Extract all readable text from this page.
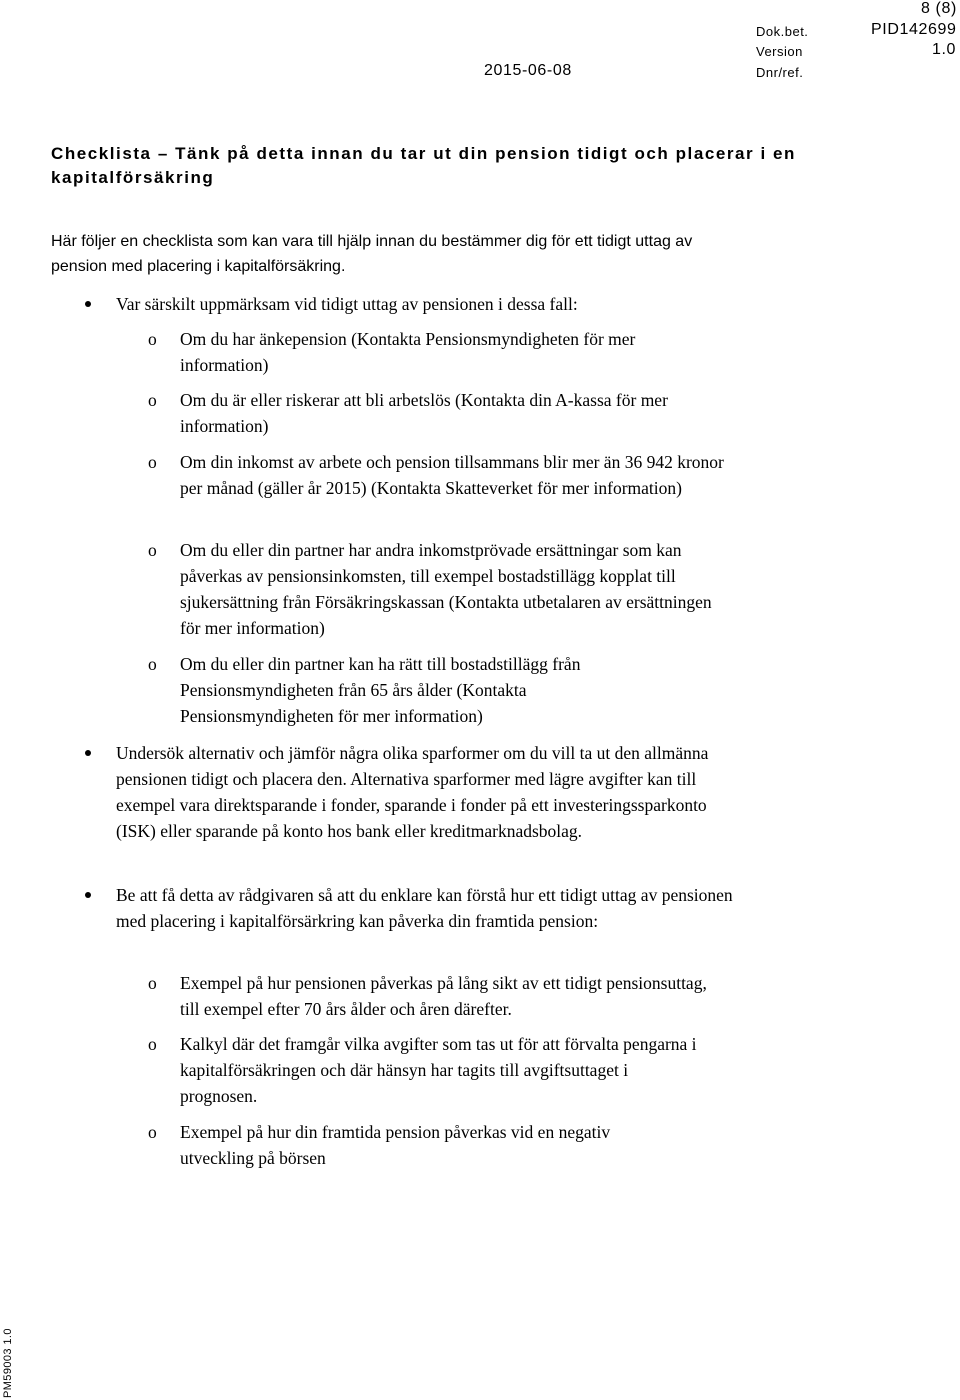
8 (8)
Dok.bet.	PID142699
Version	1.0
2015-06-08	Dnr/ref.
Checklista – Tänk på detta innan du tar ut din pension tidigt och placerar i en kapitalförsäkring
Här följer en checklista som kan vara till hjälp innan du bestämmer dig för ett tidigt uttag av pension med placering i kapitalförsäkring.
Var särskilt uppmärksam vid tidigt uttag av pensionen i dessa fall:
o Om du har änkepension (Kontakta Pensionsmyndigheten för mer information)
o Om du är eller riskerar att bli arbetslös (Kontakta din A-kassa för mer information)
o Om din inkomst av arbete och pension tillsammans blir mer än 36 942 kronor per månad (gäller år 2015) (Kontakta Skatteverket för mer information)
o Om du eller din partner har andra inkomstprövade ersättningar som kan påverkas av pensionsinkomsten, till exempel bostadstillägg kopplat till sjukersättning från Försäkringskassan (Kontakta utbetalaren av ersättningen för mer information)
o Om du eller din partner kan ha rätt till bostadstillägg från Pensionsmyndigheten från 65 års ålder (Kontakta Pensionsmyndigheten för mer information)
Undersök alternativ och jämför några olika sparformer om du vill ta ut den allmänna pensionen tidigt och placera den. Alternativa sparformer med lägre avgifter kan till exempel vara direktsparande i fonder, sparande i fonder på ett investeringssparkonto (ISK) eller sparande på konto hos bank eller kreditmarknadsbolag.
Be att få detta av rådgivaren så att du enklare kan förstå hur ett tidigt uttag av pensionen med placering i kapitalförsärkring kan påverka din framtida pension:
o Exempel på hur pensionen påverkas på lång sikt av ett tidigt pensionsuttag, till exempel efter 70 års ålder och åren därefter.
o Kalkyl där det framgår vilka avgifter som tas ut för att förvalta pengarna i kapitalförsäkringen och där hänsyn har tagits till avgiftsuttaget i prognosen.
o Exempel på hur din framtida pension påverkas vid en negativ utveckling på börsen
PM59003 1.0
